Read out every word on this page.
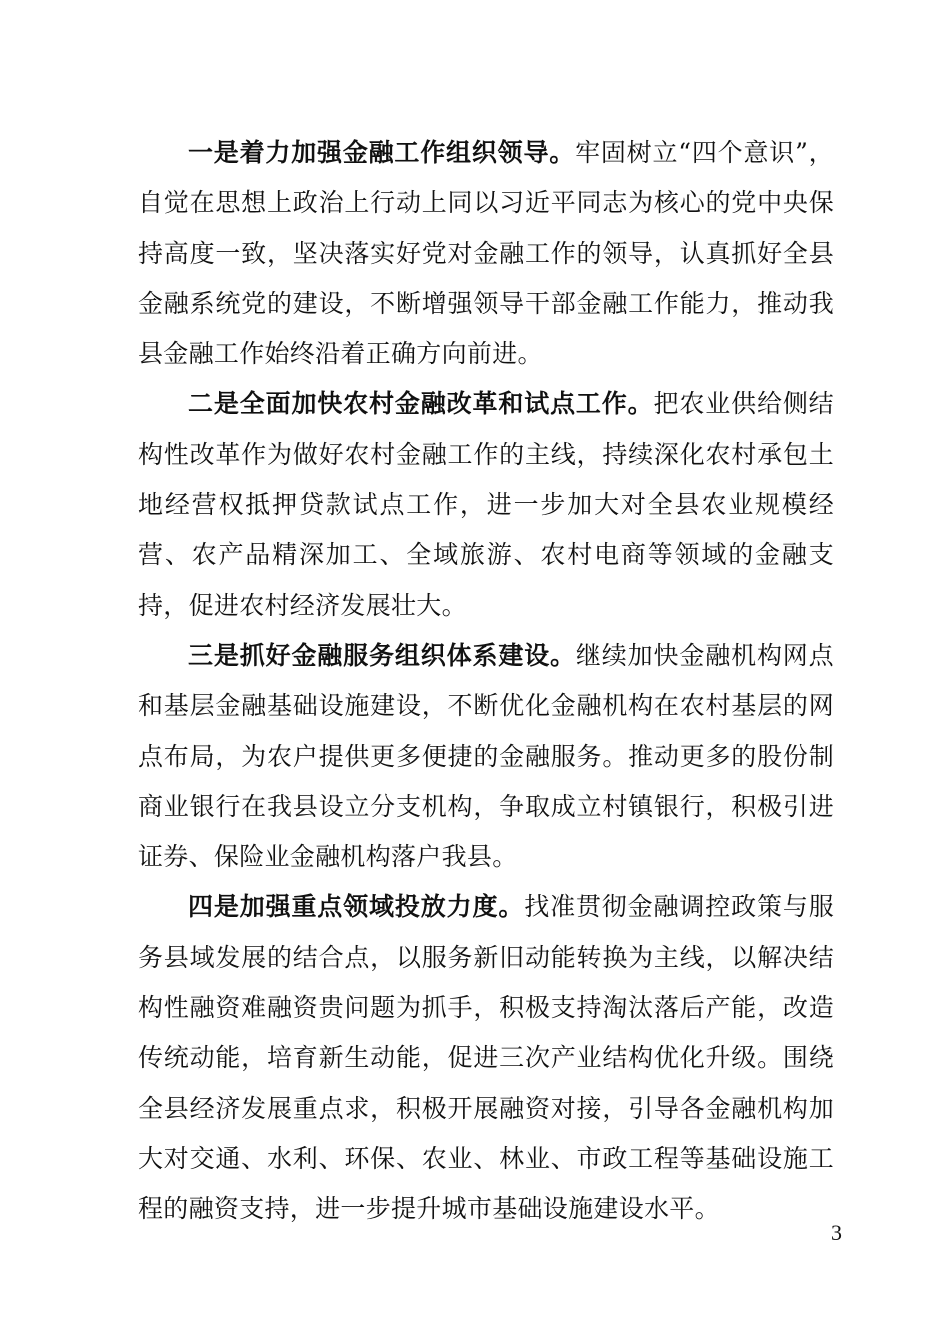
一是着力加强金融工作组织领导。牢固树立“四个意识”，自觉在思想上政治上行动上同以习近平同志为核心的党中央保持高度一致，坚决落实好党对金融工作的领导，认真抓好全县金融系统党的建设，不断增强领导干部金融工作能力，推动我县金融工作始终沿着正确方向前进。

二是全面加快农村金融改革和试点工作。把农业供给侧结构性改革作为做好农村金融工作的主线，持续深化农村承包土地经营权抵押贷款试点工作，进一步加大对全县农业规模经营、农产品精深加工、全域旅游、农村电商等领域的金融支持，促进农村经济发展壮大。

三是抓好金融服务组织体系建设。继续加快金融机构网点和基层金融基础设施建设，不断优化金融机构在农村基层的网点布局，为农户提供更多便捷的金融服务。推动更多的股份制商业银行在我县设立分支机构，争取成立村镇银行，积极引进证券、保险业金融机构落户我县。

四是加强重点领域投放力度。找准贯彻金融调控政策与服务县域发展的结合点，以服务新旧动能转换为主线，以解决结构性融资难融资贵问题为抓手，积极支持淘汰落后产能，改造传统动能，培育新生动能，促进三次产业结构优化升级。围绕全县经济发展重点求，积极开展融资对接，引导各金融机构加大对交通、水利、环保、农业、林业、市政工程等基础设施工程的融资支持，进一步提升城市基础设施建设水平。

3
